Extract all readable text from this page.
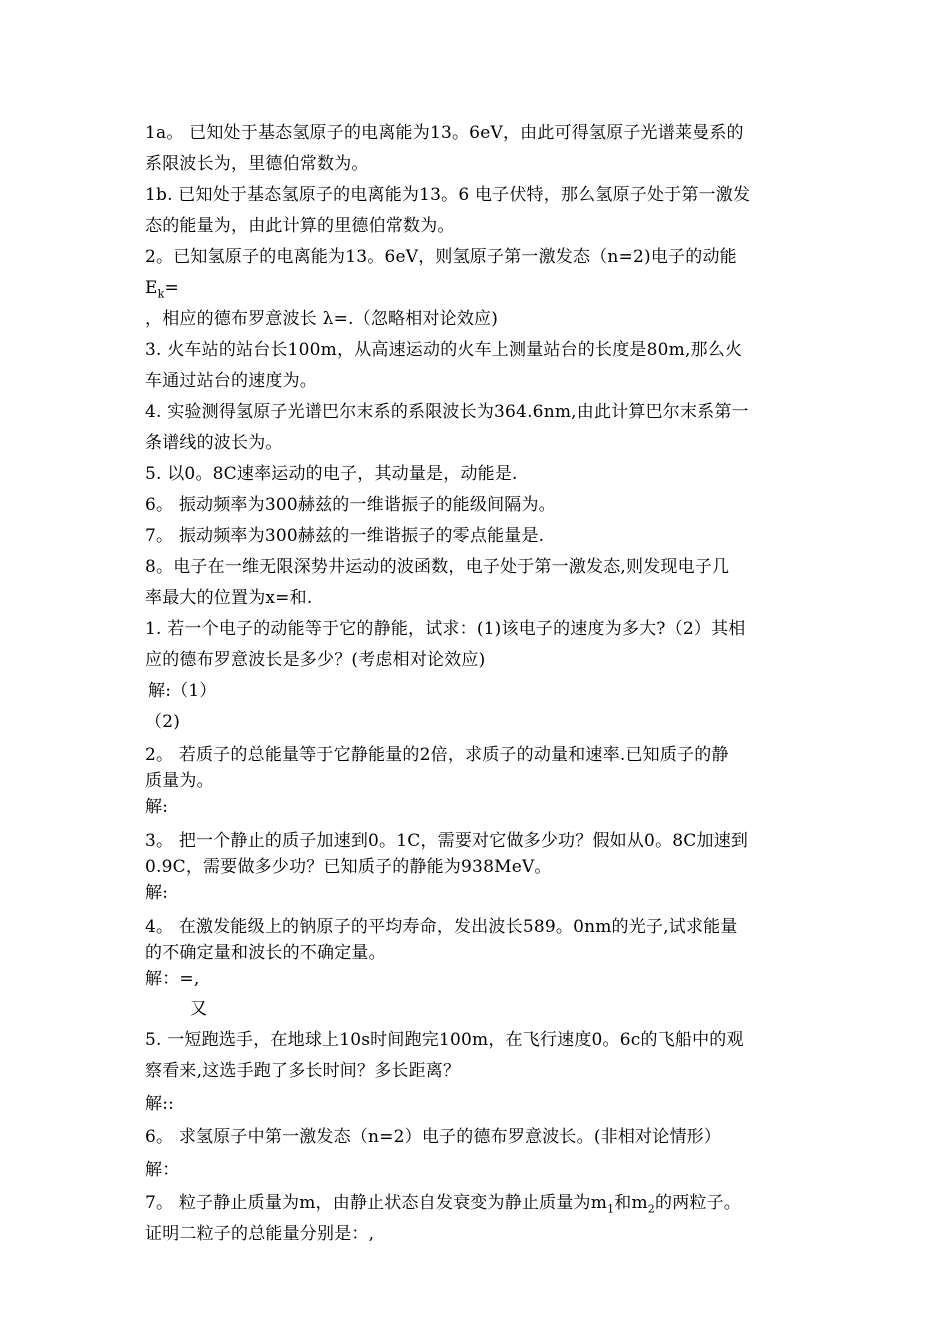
1a。 已知处于基态氢原子的电离能为13。6eV，由此可得氢原子光谱莱曼系的

系限波长为，里德伯常数为。

1b. 已知处于基态氢原子的电离能为13。6 电子伏特，那么氢原子处于第一激发

态的能量为，由此计算的里德伯常数为。

2。已知氢原子的电离能为13。6eV，则氢原子第一激发态（n=2)电子的动能

$E_k=$

，相应的德布罗意波长 λ=.（忽略相对论效应)

3. 火车站的站台长100m，从高速运动的火车上测量站台的长度是80m,那么火

车通过站台的速度为。

4. 实验测得氢原子光谱巴尔末系的系限波长为364.6nm,由此计算巴尔末系第一

条谱线的波长为。

5. 以0。8C速率运动的电子，其动量是，动能是.

6。 振动频率为300赫兹的一维谐振子的能级间隔为。

7。 振动频率为300赫兹的一维谐振子的零点能量是.

8。电子在一维无限深势井运动的波函数，电子处于第一激发态,则发现电子几

率最大的位置为x=和.

1. 若一个电子的动能等于它的静能，试求：(1)该电子的速度为多大?（2）其相

应的德布罗意波长是多少？(考虑相对论效应)

解:（1）

（2)

2。 若质子的总能量等于它静能量的2倍，求质子的动量和速率.已知质子的静

质量为。

解:

3。 把一个静止的质子加速到0。1C，需要对它做多少功？假如从0。8C加速到

0.9C，需要做多少功？已知质子的静能为938MeV。

解:

4。 在激发能级上的钠原子的平均寿命，发出波长589。0nm的光子,试求能量

的不确定量和波长的不确定量。

解：=,

又

5. 一短跑选手，在地球上10s时间跑完100m，在飞行速度0。6c的飞船中的观

察看来,这选手跑了多长时间？多长距离？

解::

6。 求氢原子中第一激发态（n=2）电子的德布罗意波长。(非相对论情形）

解：

7。 粒子静止质量为m，由静止状态自发衰变为静止质量为$m_1$和$m_2$的两粒子。

证明二粒子的总能量分别是：,
